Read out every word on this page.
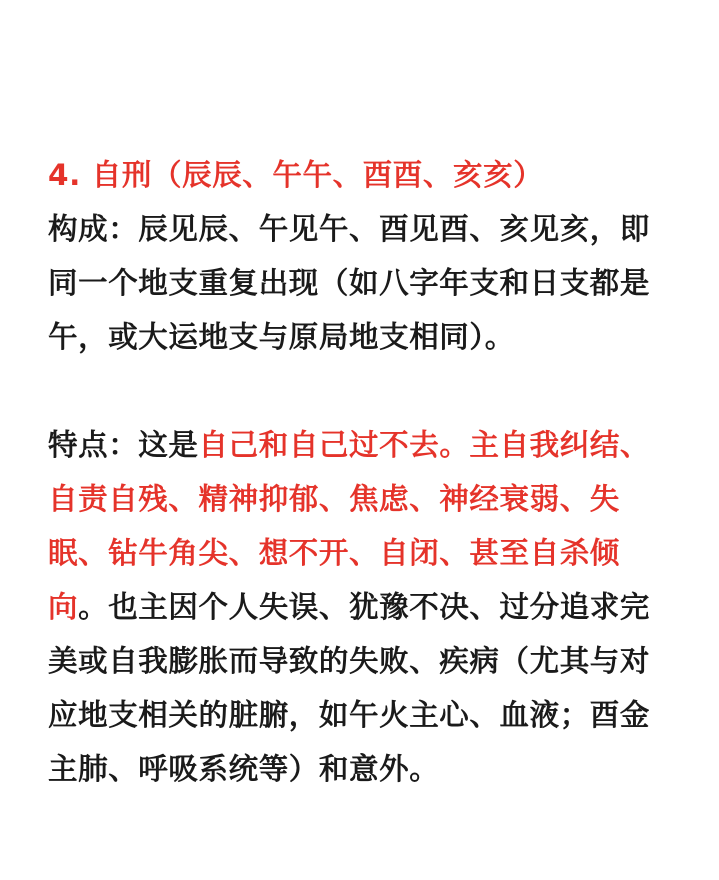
4. 自刑（辰辰、午午、酉酉、亥亥）
构成：辰见辰、午见午、酉见酉、亥见亥，即
同一个地支重复出现（如八字年支和日支都是
午，或大运地支与原局地支相同）。
特点：这是自己和自己过不去。主自我纠结、
自责自残、精神抑郁、焦虑、神经衰弱、失
眠、钻牛角尖、想不开、自闭、甚至自杀倾
向。也主因个人失误、犹豫不决、过分追求完
美或自我膨胀而导致的失败、疾病（尤其与对
应地支相关的脏腑，如午火主心、血液；酉金
主肺、呼吸系统等）和意外。
